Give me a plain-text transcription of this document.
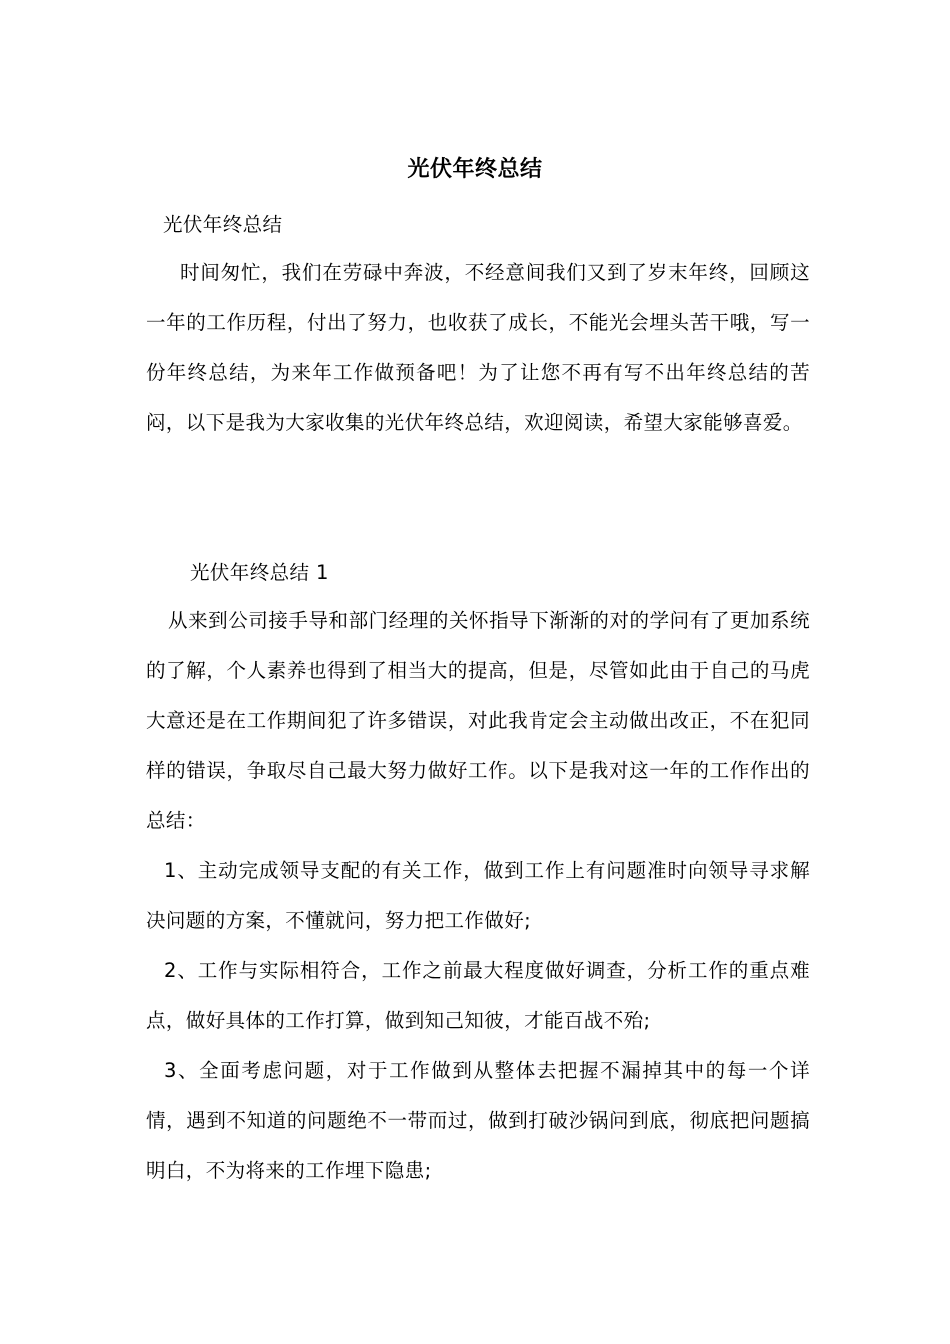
光伏年终总结
光伏年终总结
时间匆忙，我们在劳碌中奔波，不经意间我们又到了岁末年终，回顾这一年的工作历程，付出了努力，也收获了成长，不能光会埋头苦干哦，写一份年终总结，为来年工作做预备吧！为了让您不再有写不出年终总结的苦闷，以下是我为大家收集的光伏年终总结，欢迎阅读，希望大家能够喜爱。
光伏年终总结 1
从来到公司接手导和部门经理的关怀指导下渐渐的对的学问有了更加系统的了解，个人素养也得到了相当大的提高，但是，尽管如此由于自己的马虎大意还是在工作期间犯了许多错误，对此我肯定会主动做出改正，不在犯同样的错误，争取尽自己最大努力做好工作。以下是我对这一年的工作作出的总结：
1、主动完成领导支配的有关工作，做到工作上有问题准时向领导寻求解决问题的方案，不懂就问，努力把工作做好;
2、工作与实际相符合，工作之前最大程度做好调查，分析工作的重点难点，做好具体的工作打算，做到知己知彼，才能百战不殆;
3、全面考虑问题，对于工作做到从整体去把握不漏掉其中的每一个详情，遇到不知道的问题绝不一带而过，做到打破沙锅问到底，彻底把问题搞明白，不为将来的工作埋下隐患;
